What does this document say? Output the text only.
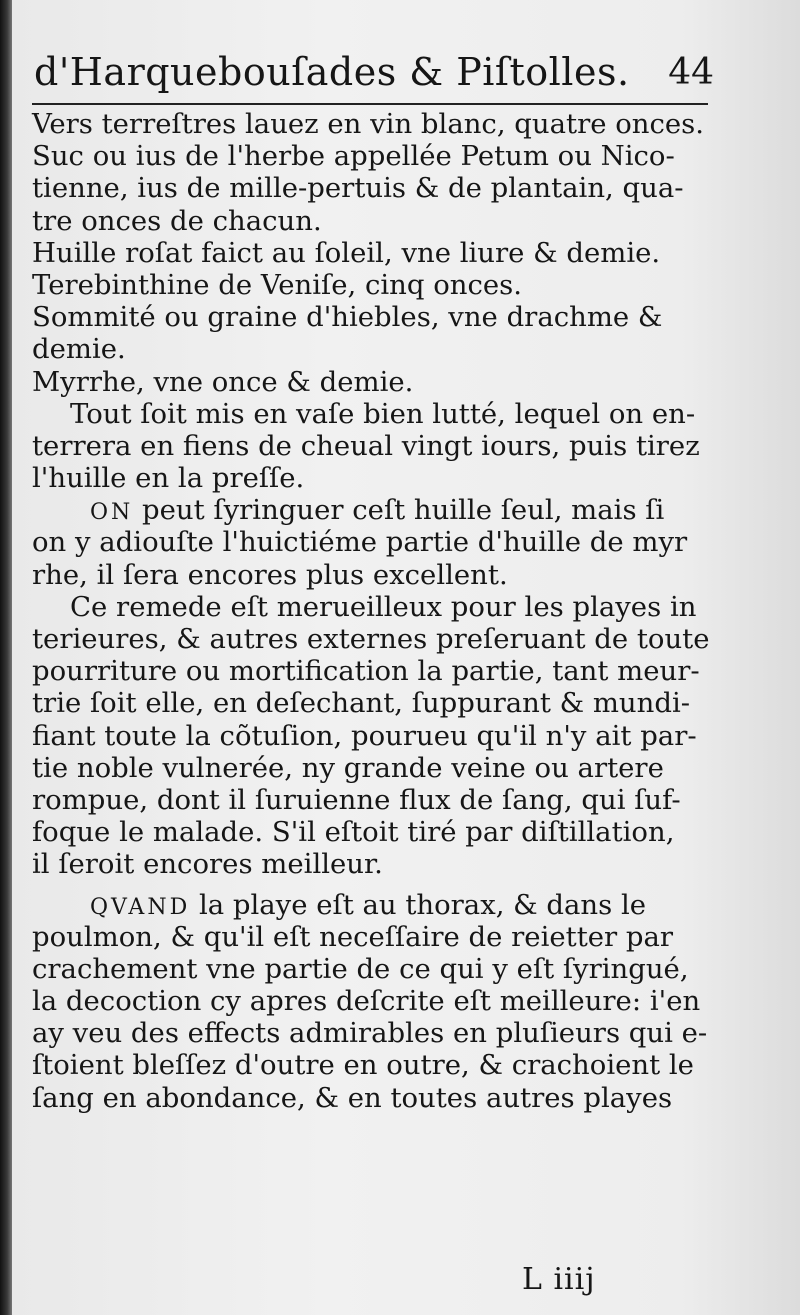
d'Harquebouſades & Piſtolles. 44
Vers terreſtres lauez en vin blanc, quatre onces.
Suc ou ius de l'herbe appellée Petum ou Nico-
tienne, ius de mille-pertuis & de plantain, qua-
tre onces de chacun.
Huille roſat faict au ſoleil, vne liure & demie.
Terebinthine de Veniſe, cinq onces.
Sommité ou graine d'hiebles, vne drachme &
demie.
Myrrhe, vne once & demie.
Tout ſoit mis en vaſe bien lutté, lequel on en-
terrera en fiens de cheual vingt iours, puis tirez
l'huille en la preſſe.
ON peut ſyringuer ceſt huille ſeul, mais ſi
on y adiouſte l'huictiéme partie d'huille de myr
rhe, il ſera encores plus excellent.
Ce remede eſt merueilleux pour les playes in
terieures, & autres externes preſeruant de toute
pourriture ou mortification la partie, tant meur-
trie ſoit elle, en deſechant, ſuppurant & mundi-
fiant toute la cõtuſion, pourueu qu'il n'y ait par-
tie noble vulnerée, ny grande veine ou artere
rompue, dont il ſuruienne flux de ſang, qui ſuf-
foque le malade. S'il eſtoit tiré par diſtillation,
il ſeroit encores meilleur.
QVAND la playe eſt au thorax, & dans le
poulmon, & qu'il eſt neceſſaire de reietter par
crachement vne partie de ce qui y eſt ſyringué,
la decoction cy apres deſcrite eſt meilleure: i'en
ay veu des effects admirables en pluſieurs qui e-
ſtoient bleſſez d'outre en outre, & crachoient le
ſang en abondance, & en toutes autres playes
L iiij
